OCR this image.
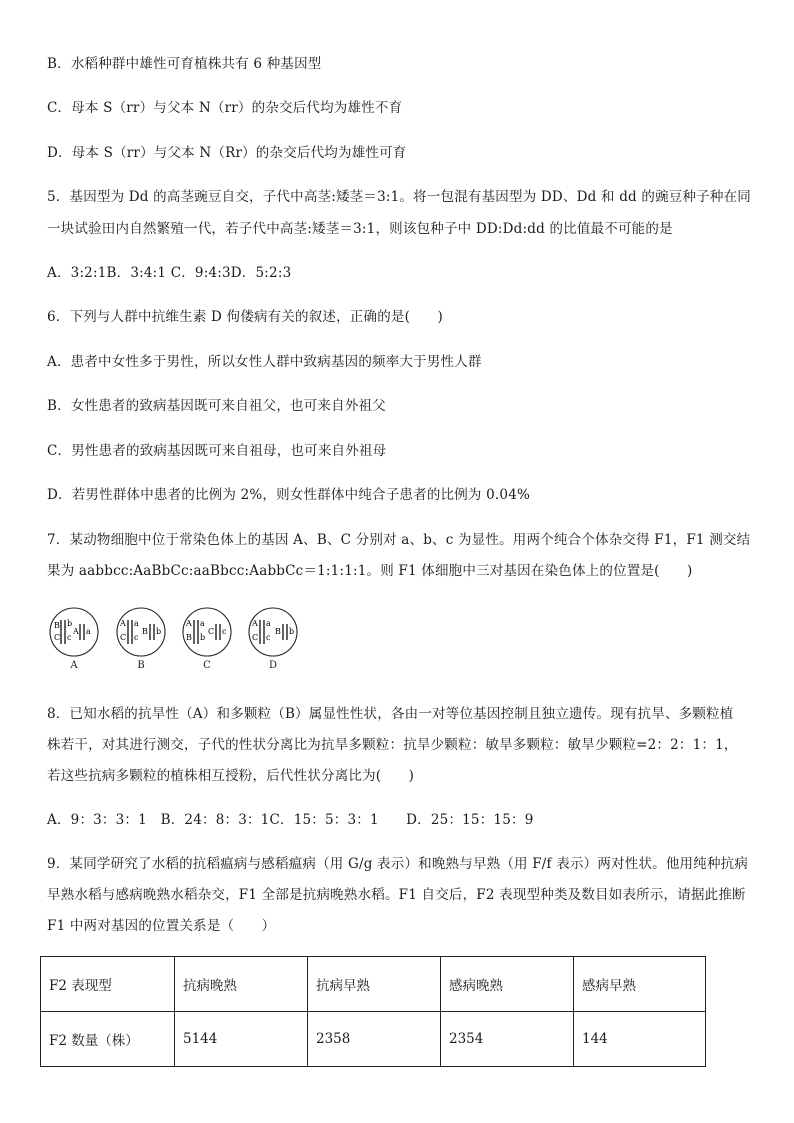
B．水稻种群中雄性可育植株共有 6 种基因型
C．母本 S（rr）与父本 N（rr）的杂交后代均为雄性不育
D．母本 S（rr）与父本 N（Rr）的杂交后代均为雄性可育
5．基因型为 Dd 的高茎豌豆自交，子代中高茎:矮茎＝3:1。将一包混有基因型为 DD、Dd 和 dd 的豌豆种子种在同
一块试验田内自然繁殖一代，若子代中高茎:矮茎＝3:1，则该包种子中 DD:Dd:dd 的比值最不可能的是
A．3:2:1B．3:4:1 C．9:4:3D．5:2:3
6．下列与人群中抗维生素 D 佝偻病有关的叙述，正确的是(　　)
A．患者中女性多于男性，所以女性人群中致病基因的频率大于男性人群
B．女性患者的致病基因既可来自祖父，也可来自外祖父
C．男性患者的致病基因既可来自祖母，也可来自外祖母
D．若男性群体中患者的比例为 2%，则女性群体中纯合子患者的比例为 0.04%
7．某动物细胞中位于常染色体上的基因 A、B、C 分别对 a、b、c 为显性。用两个纯合个体杂交得 F1，F1 测交结
果为 aabbcc:AaBbCc:aaBbcc:AabbCc＝1:1:1:1。则 F1 体细胞中三对基因在染色体上的位置是(　　)
B
C
b
c
A a
A
A
C
a
c
B b
B
A
B
a
b
C c
C
A
C
a
c
B b
D
8．已知水稻的抗旱性（A）和多颗粒（B）属显性性状，各由一对等位基因控制且独立遗传。现有抗旱、多颗粒植
株若干，对其进行测交，子代的性状分离比为抗旱多颗粒：抗旱少颗粒：敏旱多颗粒：敏旱少颗粒=2：2：1：1，
若这些抗病多颗粒的植株相互授粉，后代性状分离比为(　　)
A．9：3：3：1　B．24：8：3：1C．15：5：3：1　　D．25：15：15：9
9．某同学研究了水稻的抗稻瘟病与感稻瘟病（用 G/g 表示）和晚熟与早熟（用 F/f 表示）两对性状。他用纯种抗病
早熟水稻与感病晚熟水稻杂交，F1 全部是抗病晚熟水稻。F1 自交后，F2 表现型种类及数目如表所示，请据此推断
F1 中两对基因的位置关系是（　　）
F2 表现型	抗病晚熟	抗病早熟	感病晚熟	感病早熟
F2 数量（株）	5144	2358	2354	144
